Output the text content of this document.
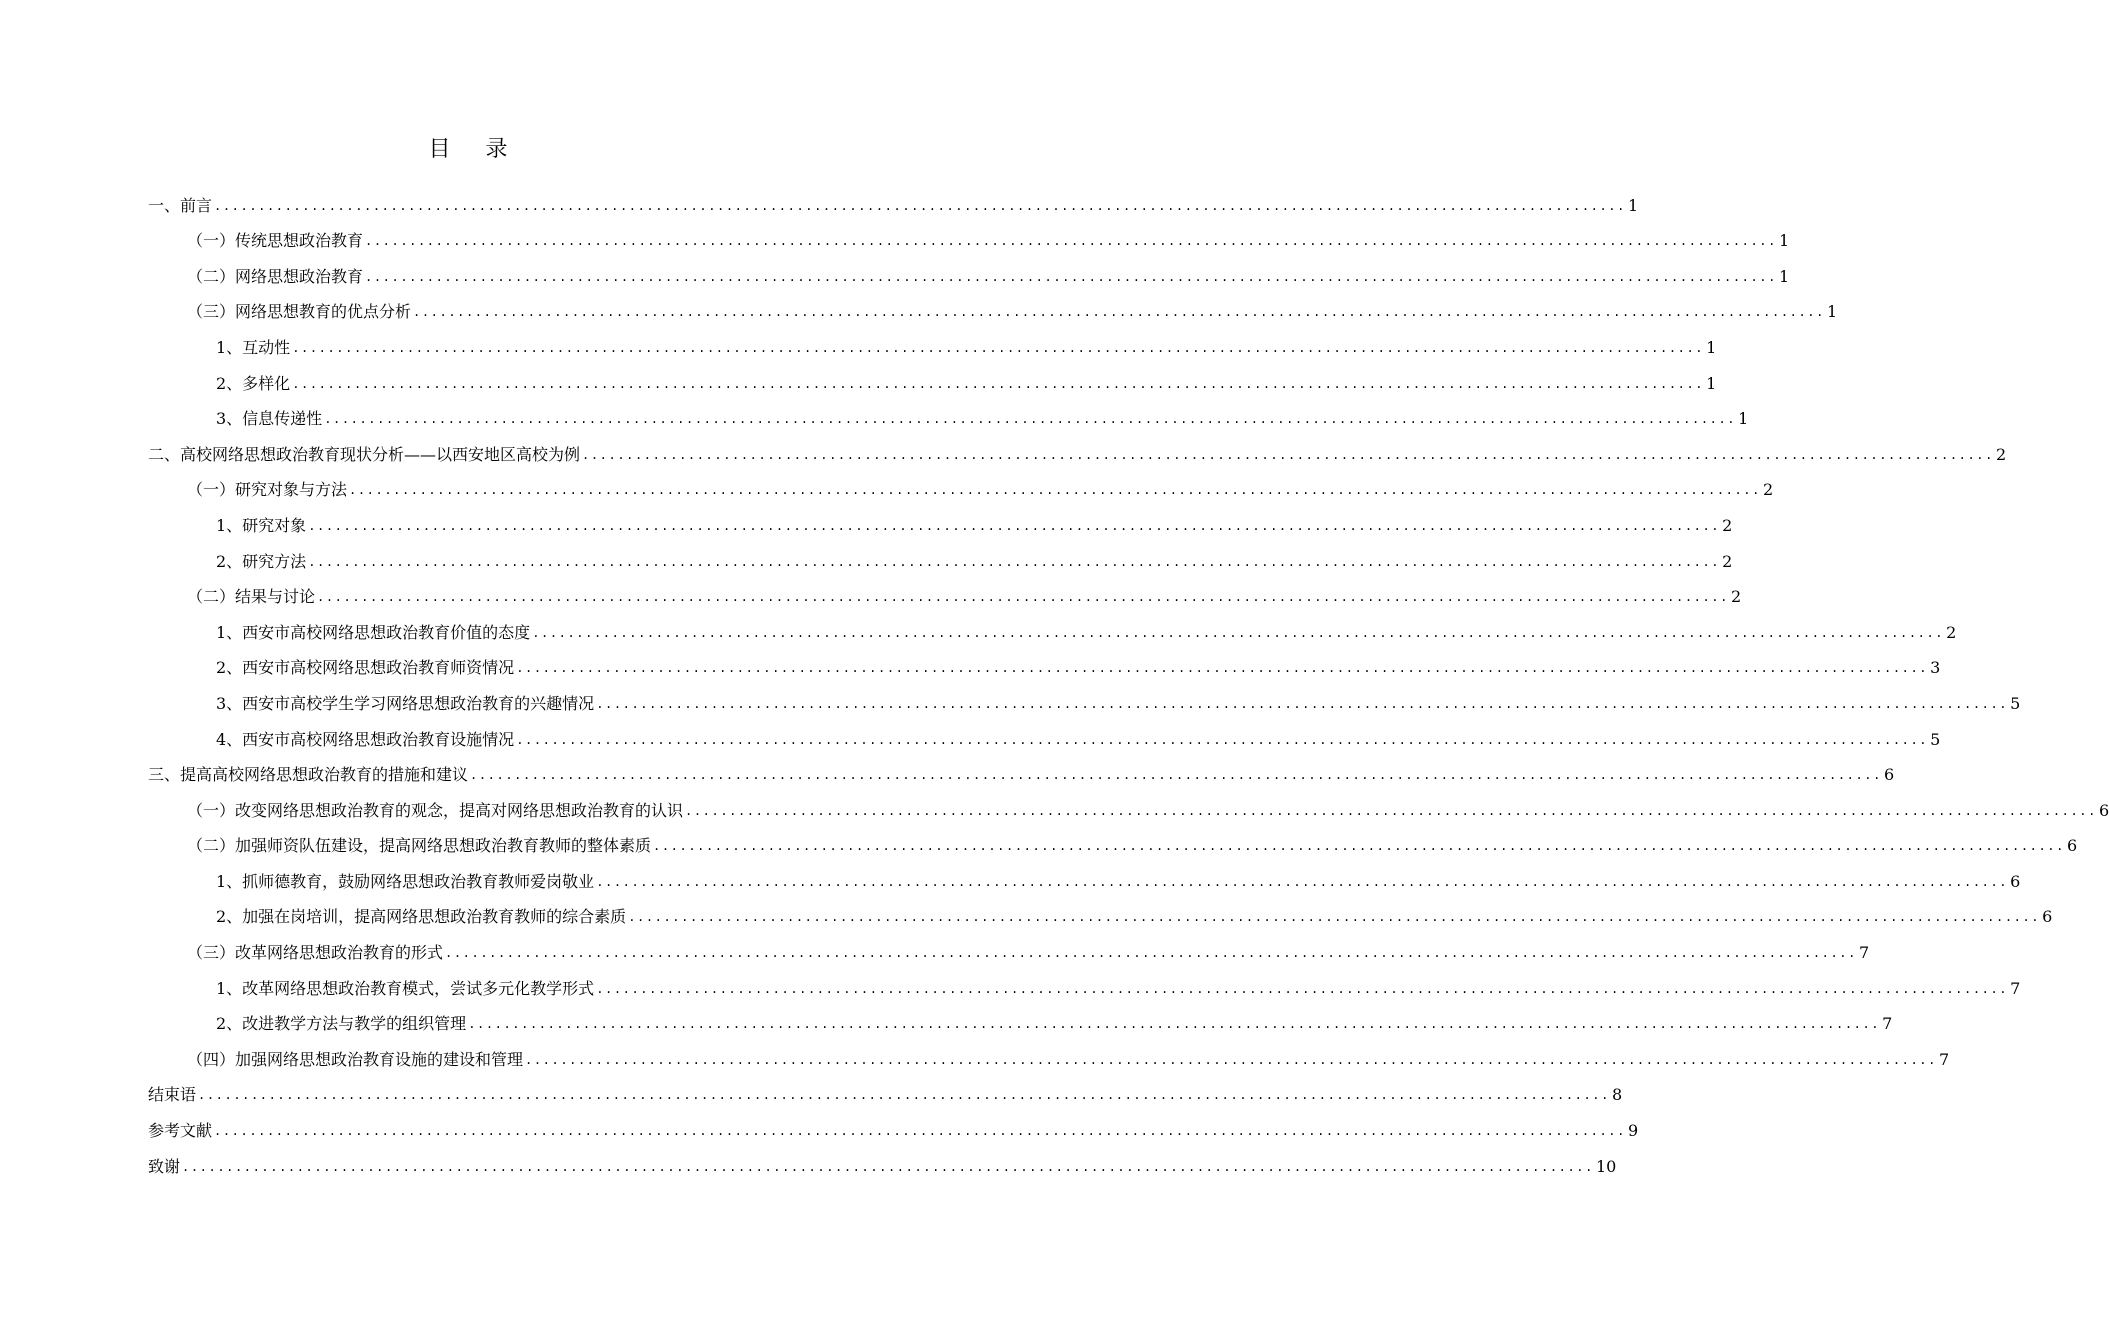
目 录
一、前言 ................................................................................................................................................................ 1
（一）传统思想政治教育 ................................................................................................................................................................ 1
（二）网络思想政治教育 ................................................................................................................................................................ 1
（三）网络思想教育的优点分析 ................................................................................................................................................................ 1
1、互动性 ................................................................................................................................................................ 1
2、多样化 ................................................................................................................................................................ 1
3、信息传递性 ................................................................................................................................................................ 1
二、高校网络思想政治教育现状分析——以西安地区高校为例 ................................................................................................................................................................ 2
（一）研究对象与方法 ................................................................................................................................................................ 2
1、研究对象 ................................................................................................................................................................ 2
2、研究方法 ................................................................................................................................................................ 2
（二）结果与讨论 ................................................................................................................................................................ 2
1、西安市高校网络思想政治教育价值的态度 ................................................................................................................................................................ 2
2、西安市高校网络思想政治教育师资情况 ................................................................................................................................................................ 3
3、西安市高校学生学习网络思想政治教育的兴趣情况 ................................................................................................................................................................ 5
4、西安市高校网络思想政治教育设施情况 ................................................................................................................................................................ 5
三、提高高校网络思想政治教育的措施和建议 ................................................................................................................................................................ 6
（一）改变网络思想政治教育的观念，提高对网络思想政治教育的认识 ................................................................................................................................................................ 6
（二）加强师资队伍建设，提高网络思想政治教育教师的整体素质 ................................................................................................................................................................ 6
1、抓师德教育，鼓励网络思想政治教育教师爱岗敬业 ................................................................................................................................................................ 6
2、加强在岗培训，提高网络思想政治教育教师的综合素质 ................................................................................................................................................................ 6
（三）改革网络思想政治教育的形式 ................................................................................................................................................................ 7
1、改革网络思想政治教育模式，尝试多元化教学形式 ................................................................................................................................................................ 7
2、改进教学方法与教学的组织管理 ................................................................................................................................................................ 7
（四）加强网络思想政治教育设施的建设和管理 ................................................................................................................................................................ 7
结束语 ................................................................................................................................................................ 8
参考文献 ................................................................................................................................................................ 9
致谢 ................................................................................................................................................................ 10
